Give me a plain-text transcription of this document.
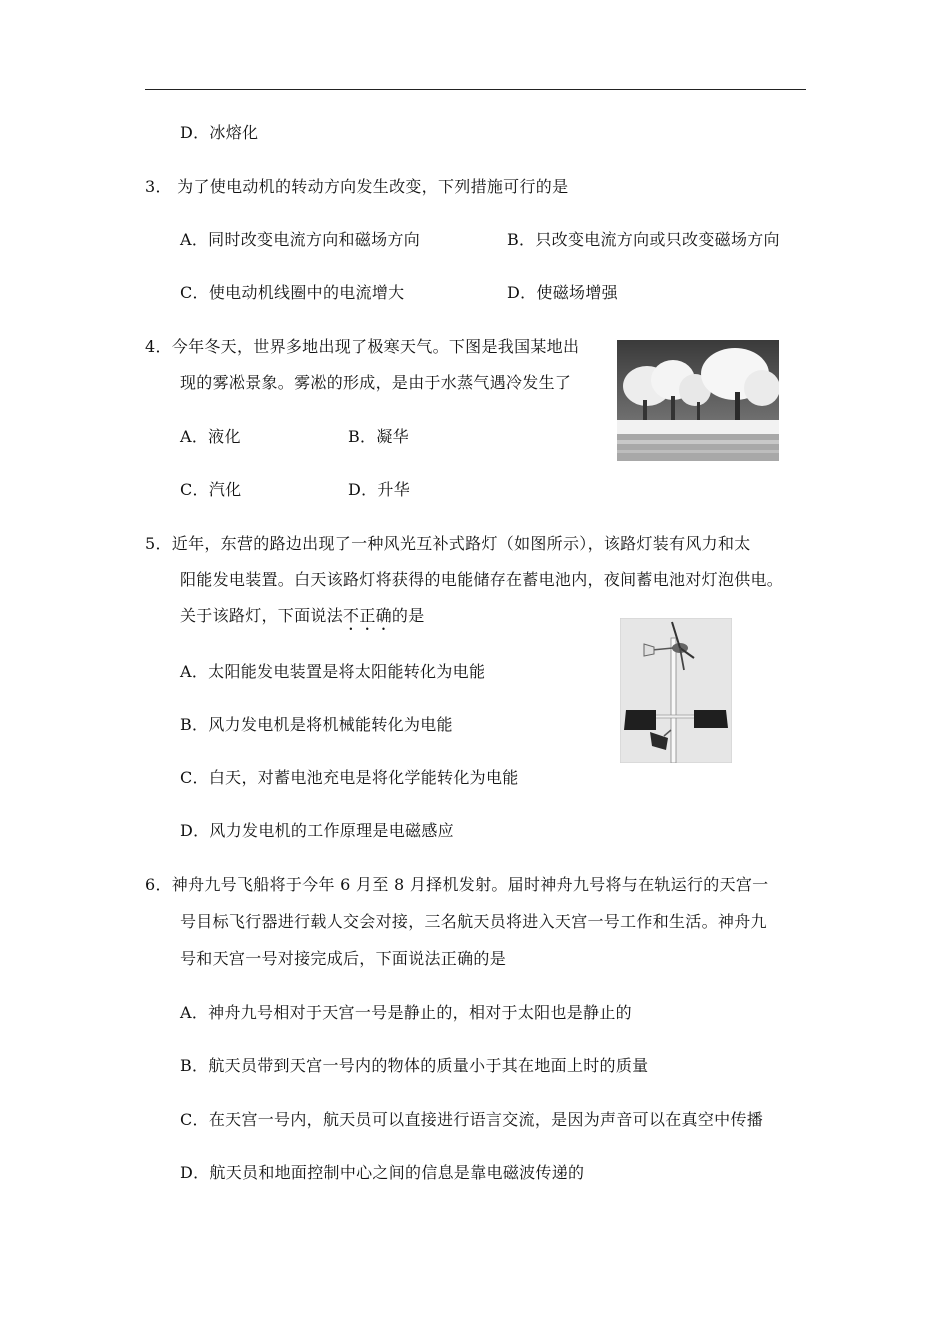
D．冰熔化
3． 为了使电动机的转动方向发生改变，下列措施可行的是
A．同时改变电流方向和磁场方向	B．只改变电流方向或只改变磁场方向
C．使电动机线圈中的电流增大	D．使磁场增强
4．今年冬天，世界多地出现了极寒天气。下图是我国某地出
现的雾凇景象。雾凇的形成，是由于水蒸气遇冷发生了
A．液化	B．凝华
C．汽化	D．升华
5．近年，东营的路边出现了一种风光互补式路灯（如图所示），该路灯装有风力和太
阳能发电装置。白天该路灯将获得的电能储存在蓄电池内，夜间蓄电池对灯泡供电。
关于该路灯，下面说法不正确的是
A．太阳能发电装置是将太阳能转化为电能
B．风力发电机是将机械能转化为电能
C．白天，对蓄电池充电是将化学能转化为电能
D．风力发电机的工作原理是电磁感应
6．神舟九号飞船将于今年 6 月至 8 月择机发射。届时神舟九号将与在轨运行的天宫一
号目标飞行器进行载人交会对接，三名航天员将进入天宫一号工作和生活。神舟九
号和天宫一号对接完成后，下面说法正确的是
A．神舟九号相对于天宫一号是静止的，相对于太阳也是静止的
B．航天员带到天宫一号内的物体的质量小于其在地面上时的质量
C．在天宫一号内，航天员可以直接进行语言交流，是因为声音可以在真空中传播
D．航天员和地面控制中心之间的信息是靠电磁波传递的
